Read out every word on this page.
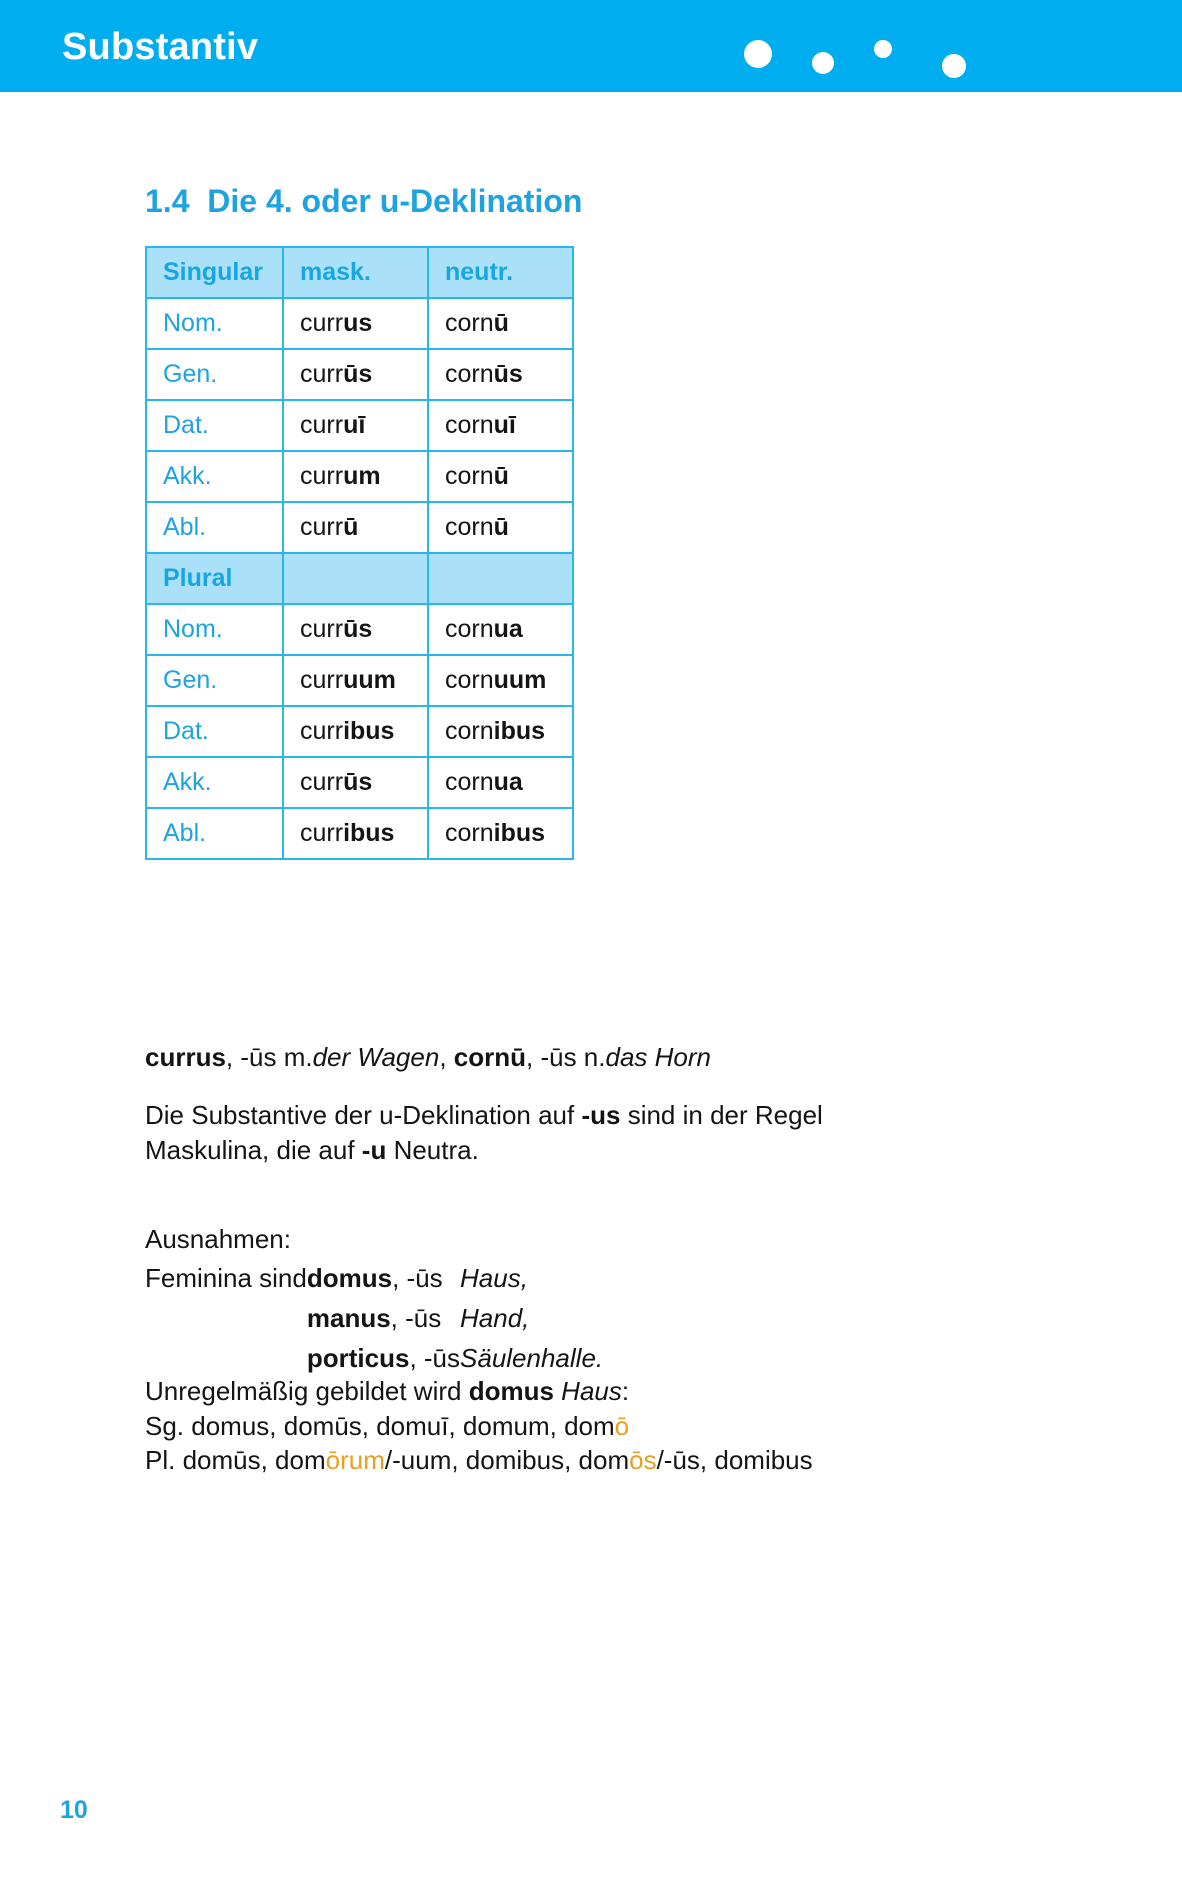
Substantiv
1.4  Die 4. oder u-Deklination
Singular	mask.	neutr.
Nom.	currus	cornū
Gen.	currūs	cornūs
Dat.	curruī	cornuī
Akk.	currum	cornū
Abl.	currū	cornū
Plural		
Nom.	currūs	cornua
Gen.	curruum	cornuum
Dat.	curribus	cornibus
Akk.	currūs	cornua
Abl.	curribus	cornibus
currus, -ūs m.der Wagen, cornū, -ūs n.das Horn
Die Substantive der u-Deklination auf -us sind in der Regel Maskulina, die auf -u Neutra.
Ausnahmen:
Feminina sind	domus, -ūs	Haus,
	manus, -ūs	Hand,
	porticus, -ūs	Säulenhalle.
Unregelmäßig gebildet wird domus Haus:
Sg. domus, domūs, domuī, domum, domō
Pl. domūs, domōrum/-uum, domibus, domōs/-ūs, domibus
10
